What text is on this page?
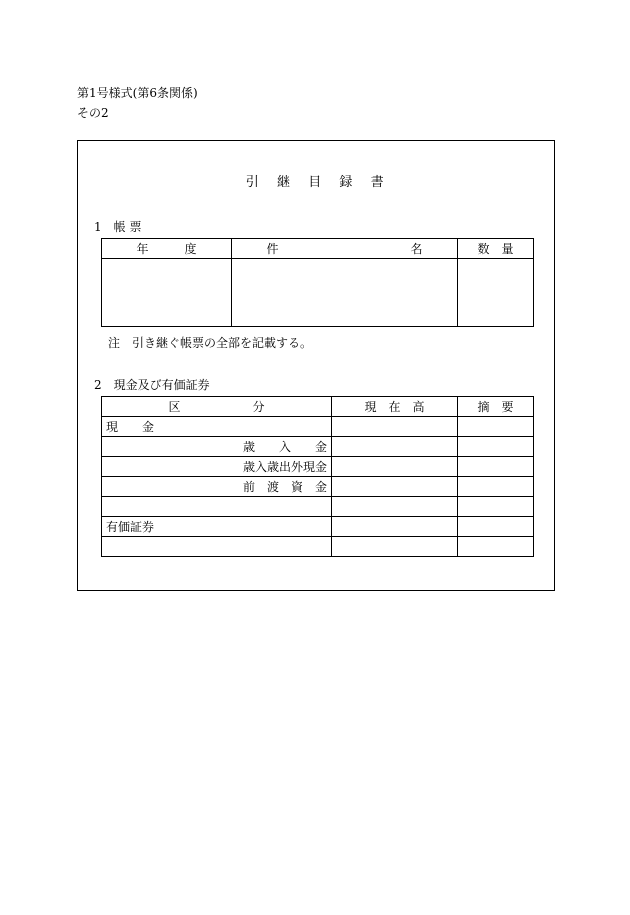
第1号様式(第6条関係)
その2
引　継　目　録　書
1　帳 票
年　　　度	件　　　　　　　　　　　名	数　量

注　引き継ぐ帳票の全部を記載する。
2　現金及び有価証券
区　　　　　　分	現　在　高	摘　要
現　　金		
歳　　入　　金		
歳入歳出外現金		
前　渡　資　金		

有価証券		
